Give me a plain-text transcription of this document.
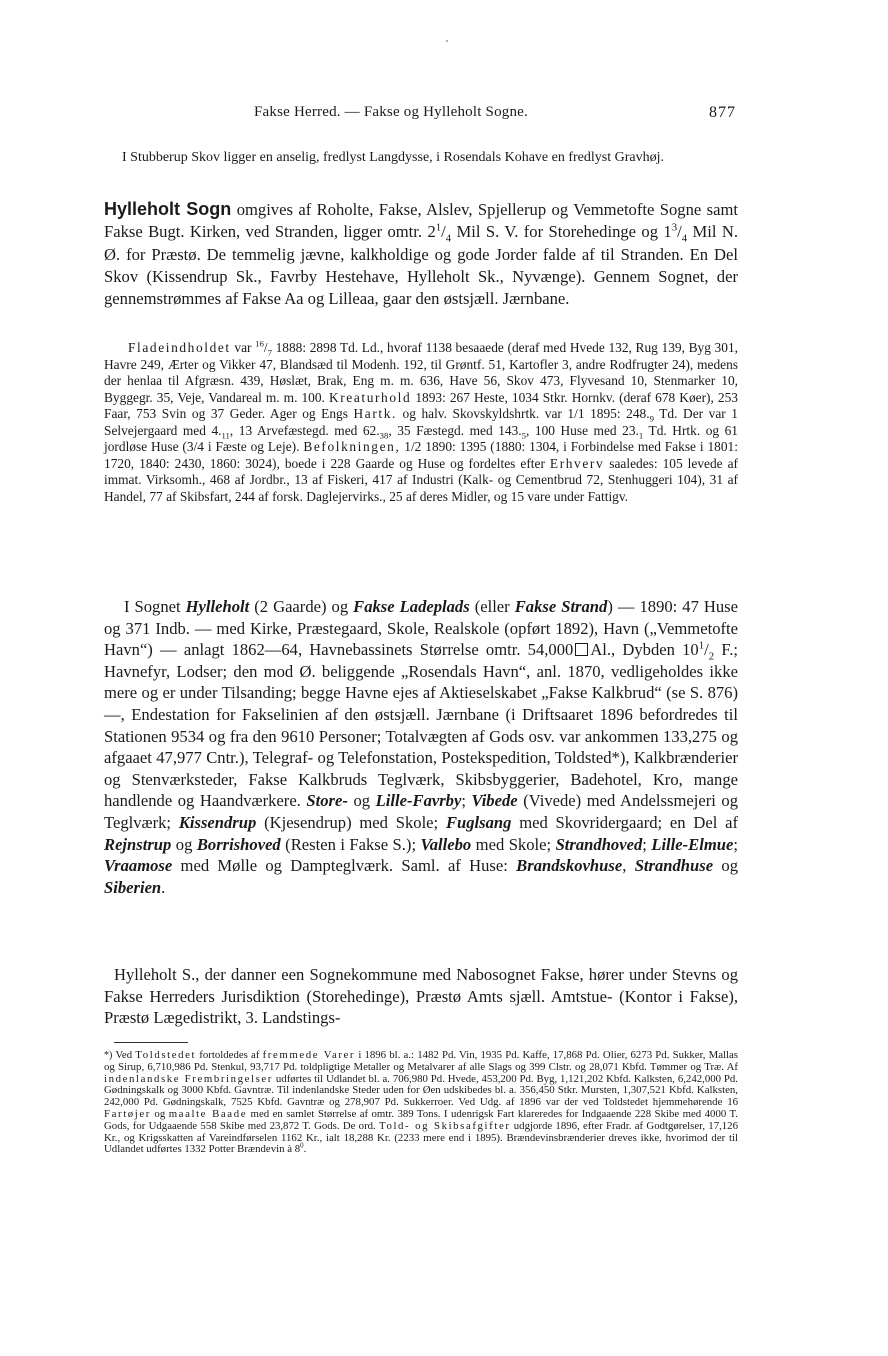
Fakse Herred. — Fakse og Hylleholt Sogne.	877
I Stubberup Skov ligger en anselig, fredlyst Langdysse, i Rosendals Kohave en fredlyst Gravhøj.
Hylleholt Sogn omgives af Roholte, Fakse, Alslev, Spjellerup og Vemmetofte Sogne samt Fakse Bugt. Kirken, ved Stranden, ligger omtr. $2^1/_4$ Mil S. V. for Storehedinge og $1^3/_4$ Mil N. Ø. for Præstø. De temmelig jævne, kalkholdige og gode Jorder falde af til Stranden. En Del Skov (Kissendrup Sk., Favrby Hestehave, Hylleholt Sk., Nyvænge). Gennem Sognet, der gennemstrømmes af Fakse Aa og Lilleaa, gaar den østsjæll. Jærnbane.
Fladeindholdet var $^{16}/_7$ 1888: 2898 Td. Ld., hvoraf 1138 besaaede (deraf med Hvede 132, Rug 139, Byg 301, Havre 249, Ærter og Vikker 47, Blandsæd til Modenh. 192, til Grøntf. 51, Kartofler 3, andre Rodfrugter 24), medens der henlaa til Afgræsn. 439, Høslæt, Brak, Eng m. m. 636, Have 56, Skov 473, Flyvesand 10, Stenmarker 10, Byggegr. 35, Veje, Vandareal m. m. 100. Kreaturhold 1893: 267 Heste, 1034 Stkr. Hornkv. (deraf 678 Køer), 253 Faar, 753 Svin og 37 Geder. Ager og Engs Hartk. og halv. Skovskyldshrtk. var 1/1 1895: $248._9$ Td. Der var 1 Selvejergaard med $4._{11}$, 13 Arvefæstegd. med $62._{38}$, 35 Fæstegd. med $143._5$, 100 Huse med $23._1$ Td. Hrtk. og 61 jordløse Huse (3/4 i Fæste og Leje). Befolkningen, 1/2 1890: 1395 (1880: 1304, i Forbindelse med Fakse i 1801: 1720, 1840: 2430, 1860: 3024), boede i 228 Gaarde og Huse og fordeltes efter Erhverv saaledes: 105 levede af immat. Virksomh., 468 af Jordbr., 13 af Fiskeri, 417 af Industri (Kalk- og Cementbrud 72, Stenhuggeri 104), 31 af Handel, 77 af Skibsfart, 244 af forsk. Daglejervirks., 25 af deres Midler, og 15 vare under Fattigv.
I Sognet Hylleholt (2 Gaarde) og Fakse Ladeplads (eller Fakse Strand) — 1890: 47 Huse og 371 Indb. — med Kirke, Præstegaard, Skole, Realskole (opført 1892), Havn („Vemmetofte Havn“) — anlagt 1862—64, Havnebassinets Størrelse omtr. 54,000 Al., Dybden $10^1/_2$ F.; Havnefyr, Lodser; den mod Ø. beliggende „Rosendals Havn“, anl. 1870, vedligeholdes ikke mere og er under Tilsanding; begge Havne ejes af Aktieselskabet „Fakse Kalkbrud“ (se S. 876) —, Endestation for Fakselinien af den østsjæll. Jærnbane (i Driftsaaret 1896 befordredes til Stationen 9534 og fra den 9610 Personer; Totalvægten af Gods osv. var ankommen 133,275 og afgaaet 47,977 Cntr.), Telegraf- og Telefonstation, Postekspedition, Toldsted*), Kalkbrænderier og Stenværksteder, Fakse Kalkbruds Teglværk, Skibsbyggerier, Badehotel, Kro, mange handlende og Haandværkere. Store- og Lille-Favrby; Vibede (Vivede) med Andelssmejeri og Teglværk; Kissendrup (Kjesendrup) med Skole; Fuglsang med Skovridergaard; en Del af Rejnstrup og Borrishoved (Resten i Fakse S.); Vallebo med Skole; Strandhoved; Lille-Elmue; Vraamose med Mølle og Dampteglværk. Saml. af Huse: Brandskovhuse, Strandhuse og Siberien.
Hylleholt S., der danner een Sognekommune med Nabosognet Fakse, hører under Stevns og Fakse Herreders Jurisdiktion (Storehedinge), Præstø Amts sjæll. Amtstue- (Kontor i Fakse), Præstø Lægedistrikt, 3. Landstings-
*) Ved Toldstedet fortoldedes af fremmede Varer i 1896 bl. a.: 1482 Pd. Vin, 1935 Pd. Kaffe, 17,868 Pd. Olier, 6273 Pd. Sukker, Mallas og Sirup, 6,710,986 Pd. Stenkul, 93,717 Pd. toldpligtige Metaller og Metalvarer af alle Slags og 399 Clstr. og 28,071 Kbfd. Tømmer og Træ. Af indenlandske Frembringelser udførtes til Udlandet bl. a. 706,980 Pd. Hvede, 453,200 Pd. Byg, 1,121,202 Kbfd. Kalksten, 6,242,000 Pd. Gødningskalk og 3000 Kbfd. Gavntræ. Til indenlandske Steder uden for Øen udskibedes bl. a. 356,450 Stkr. Mursten, 1,307,521 Kbfd. Kalksten, 242,000 Pd. Gødningskalk, 7525 Kbfd. Gavntræ og 278,907 Pd. Sukkerroer. Ved Udg. af 1896 var der ved Toldstedet hjemmehørende 16 Fartøjer og maalte Baade med en samlet Størrelse af omtr. 389 Tons. I udenrigsk Fart klareredes for Indgaaende 228 Skibe med 4000 T. Gods, for Udgaaende 558 Skibe med 23,872 T. Gods. De ord. Told- og Skibsafgifter udgjorde 1896, efter Fradr. af Godtgørelser, 17,126 Kr., og Krigsskatten af Vareindførselen 1162 Kr., ialt 18,288 Kr. (2233 mere end i 1895). Brændevinsbrænderier dreves ikke, hvorimod der til Udlandet udførtes 1332 Potter Brændevin à $8^0$.
